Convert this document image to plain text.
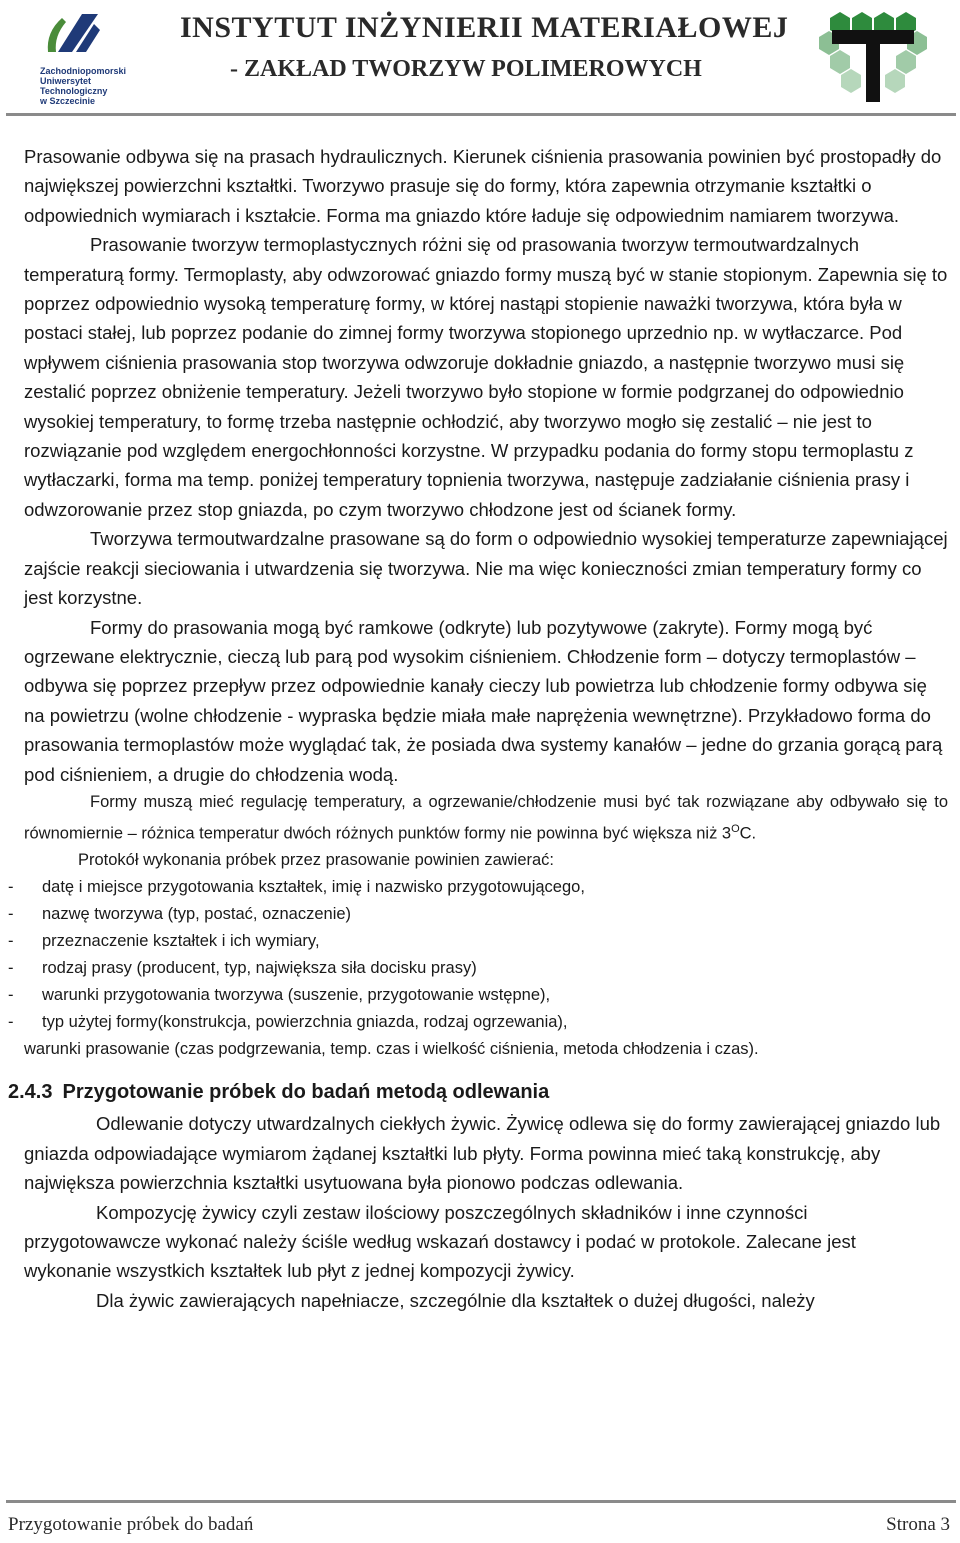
Zachodniopomorski
Uniwersytet
Technologiczny
w Szczecinie
INSTYTUT INŻYNIERII MATERIAŁOWEJ
- ZAKŁAD TWORZYW POLIMEROWYCH

Prasowanie odbywa się na prasach hydraulicznych. Kierunek ciśnienia prasowania powinien być prostopadły do największej powierzchni kształtki. Tworzywo prasuje się do formy, która zapewnia otrzymanie kształtki o odpowiednich wymiarach i kształcie. Forma ma gniazdo które ładuje się odpowiednim namiarem tworzywa.

Prasowanie tworzyw termoplastycznych różni się od prasowania tworzyw termoutwardzalnych temperaturą formy. Termoplasty, aby odwzorować gniazdo formy muszą być w stanie stopionym. Zapewnia się to poprzez odpowiednio wysoką temperaturę formy, w której nastąpi stopienie naważki tworzywa, która była w postaci stałej, lub poprzez podanie do zimnej formy tworzywa stopionego uprzednio np. w wytłaczarce. Pod wpływem ciśnienia prasowania stop tworzywa odwzoruje dokładnie gniazdo, a następnie tworzywo musi się zestalić poprzez obniżenie temperatury. Jeżeli tworzywo było stopione w formie podgrzanej do odpowiednio wysokiej temperatury, to formę trzeba następnie ochłodzić, aby tworzywo mogło się zestalić – nie jest to rozwiązanie pod względem energochłonności korzystne. W przypadku podania do formy stopu termoplastu z wytłaczarki, forma ma temp. poniżej temperatury topnienia tworzywa, następuje zadziałanie ciśnienia prasy i odwzorowanie przez stop gniazda, po czym tworzywo chłodzone jest od ścianek formy.

Tworzywa termoutwardzalne prasowane są do form o odpowiednio wysokiej temperaturze zapewniającej zajście reakcji sieciowania i utwardzenia się tworzywa. Nie ma więc konieczności zmian temperatury formy co jest korzystne.

Formy do prasowania mogą być ramkowe (odkryte) lub pozytywowe (zakryte). Formy mogą być ogrzewane elektrycznie, cieczą lub parą pod wysokim ciśnieniem. Chłodzenie form – dotyczy termoplastów – odbywa się poprzez przepływ przez odpowiednie kanały cieczy lub powietrza lub chłodzenie formy odbywa się na powietrzu (wolne chłodzenie - wypraska będzie miała małe naprężenia wewnętrzne). Przykładowo forma do prasowania termoplastów może wyglądać tak, że posiada dwa systemy kanałów – jedne do grzania gorącą parą pod ciśnieniem, a drugie do chłodzenia wodą.

Formy muszą mieć regulację temperatury, a ogrzewanie/chłodzenie musi być tak rozwiązane aby odbywało się to równomiernie – różnica temperatur dwóch różnych punktów formy nie powinna być większa niż $3^OC$.

Protokół wykonania próbek przez prasowanie powinien zawierać:

- datę i miejsce przygotowania kształtek, imię i nazwisko przygotowującego,
- nazwę tworzywa (typ, postać, oznaczenie)
- przeznaczenie kształtek i ich wymiary,
- rodzaj prasy (producent, typ, największa siła docisku prasy)
- warunki przygotowania tworzywa (suszenie, przygotowanie wstępne),
- typ użytej formy(konstrukcja, powierzchnia gniazda, rodzaj ogrzewania),

warunki prasowanie (czas podgrzewania, temp. czas i wielkość ciśnienia, metoda chłodzenia i czas).

2.4.3 Przygotowanie próbek do badań metodą odlewania

Odlewanie dotyczy utwardzalnych ciekłych żywic. Żywicę odlewa się do formy zawierającej gniazdo lub gniazda odpowiadające wymiarom żądanej kształtki lub płyty. Forma powinna mieć taką konstrukcję, aby największa powierzchnia kształtki usytuowana była pionowo podczas odlewania.

Kompozycję żywicy czyli zestaw ilościowy poszczególnych składników i inne czynności przygotowawcze wykonać należy ściśle według wskazań dostawcy i podać w protokole. Zalecane jest wykonanie wszystkich kształtek lub płyt z jednej kompozycji żywicy.

Dla żywic zawierających napełniacze, szczególnie dla kształtek o dużej długości, należy

Przygotowanie próbek do badań	Strona 3
